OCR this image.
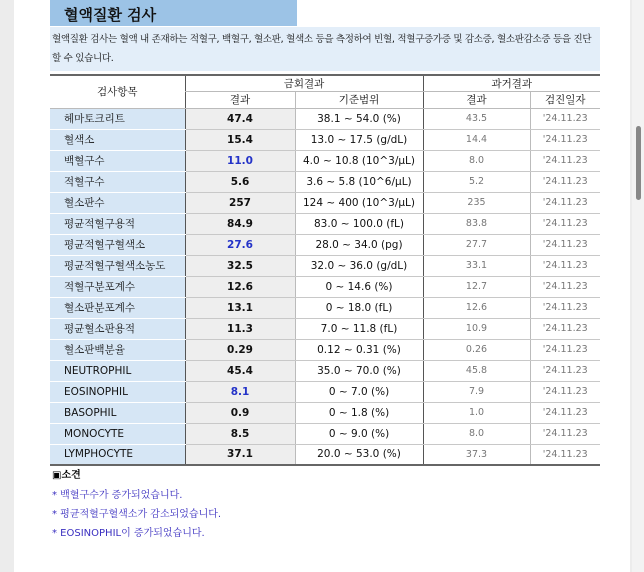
혈액질환 검사
혈액질환 검사는 혈액 내 존재하는 적혈구, 백혈구, 혈소판, 혈색소 등을 측정하여 빈혈, 적혈구증가증 및 감소증, 혈소판감소증 등을 진단할 수 있습니다.
검사항목	금회결과		과거결과	
	결과	기준범위	결과	검진일자
헤마토크리트	47.4	38.1 ~ 54.0 (%)	43.5	'24.11.23
혈색소	15.4	13.0 ~ 17.5 (g/dL)	14.4	'24.11.23
백혈구수	11.0	4.0 ~ 10.8 (10^3/μL)	8.0	'24.11.23
적혈구수	5.6	3.6 ~ 5.8 (10^6/μL)	5.2	'24.11.23
혈소판수	257	124 ~ 400 (10^3/μL)	235	'24.11.23
평균적혈구용적	84.9	83.0 ~ 100.0 (fL)	83.8	'24.11.23
평균적혈구혈색소	27.6	28.0 ~ 34.0 (pg)	27.7	'24.11.23
평균적혈구혈색소농도	32.5	32.0 ~ 36.0 (g/dL)	33.1	'24.11.23
적혈구분포계수	12.6	0 ~ 14.6 (%)	12.7	'24.11.23
혈소판분포계수	13.1	0 ~ 18.0 (fL)	12.6	'24.11.23
평균혈소판용적	11.3	7.0 ~ 11.8 (fL)	10.9	'24.11.23
혈소판백분율	0.29	0.12 ~ 0.31 (%)	0.26	'24.11.23
NEUTROPHIL	45.4	35.0 ~ 70.0 (%)	45.8	'24.11.23
EOSINOPHIL	8.1	0 ~ 7.0 (%)	7.9	'24.11.23
BASOPHIL	0.9	0 ~ 1.8 (%)	1.0	'24.11.23
MONOCYTE	8.5	0 ~ 9.0 (%)	8.0	'24.11.23
LYMPHOCYTE	37.1	20.0 ~ 53.0 (%)	37.3	'24.11.23
▣소견
* 백혈구수가 증가되었습니다.
* 평균적혈구혈색소가 감소되었습니다.
* EOSINOPHIL이 증가되었습니다.
